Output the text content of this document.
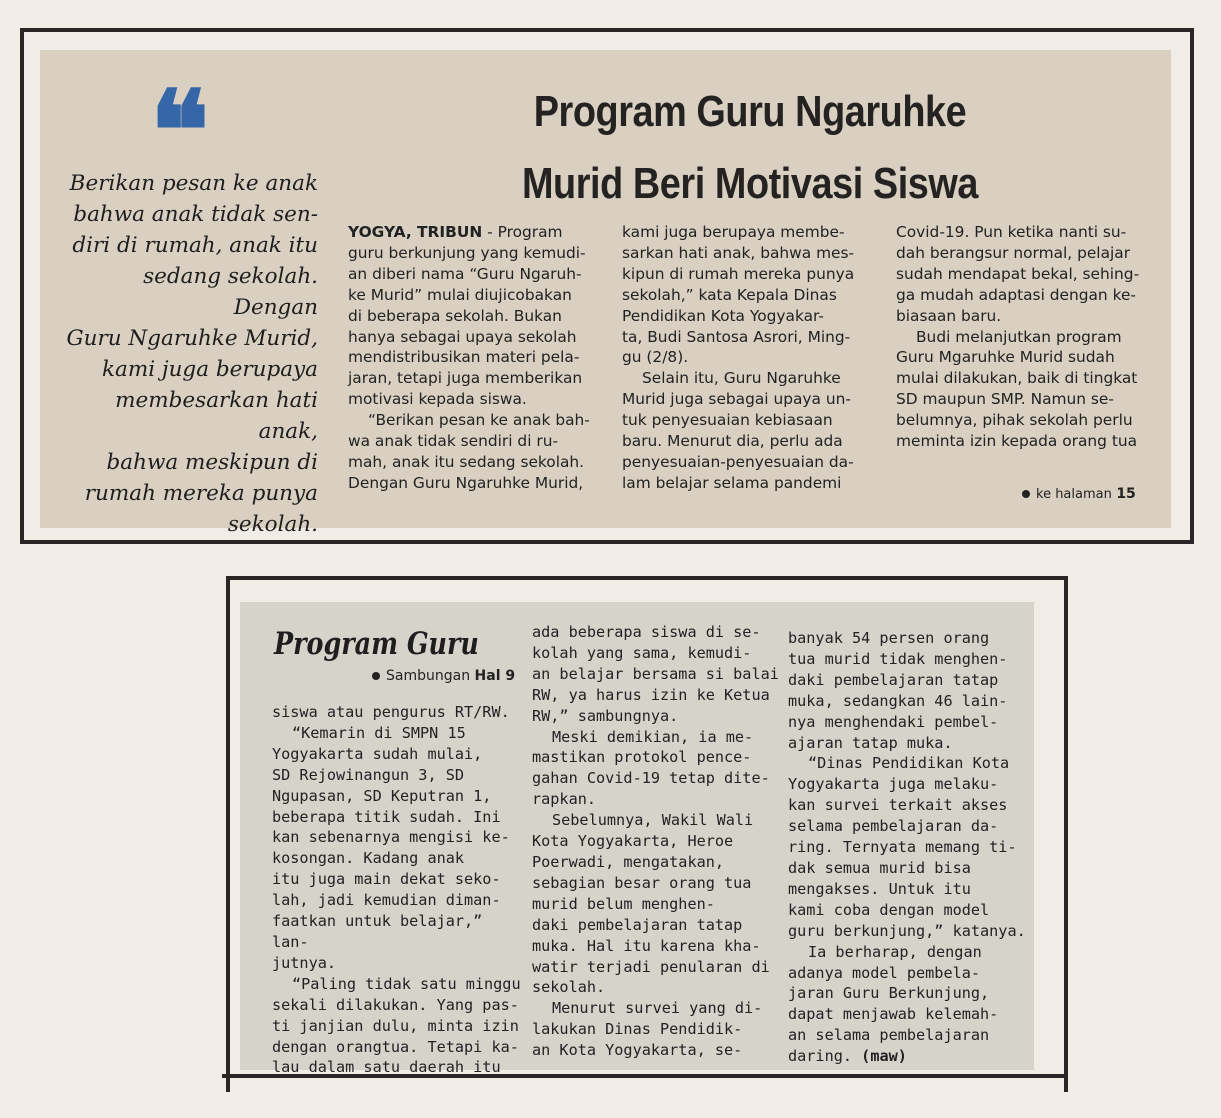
❝
Berikan pesan ke anak
bahwa anak tidak sen-
diri di rumah, anak itu
sedang sekolah. Dengan
Guru Ngaruhke Murid,
kami juga berupaya
membesarkan hati anak,
bahwa meskipun di
rumah mereka punya
sekolah.
Program Guru Ngaruhke
Murid Beri Motivasi Siswa

YOGYA, TRIBUN - Program

guru berkunjung yang kemudi-

an diberi nama “Guru Ngaruh-

ke Murid” mulai diujicobakan

di beberapa sekolah. Bukan

hanya sebagai upaya sekolah

mendistribusikan materi pela-

jaran, tetapi juga memberikan

motivasi kepada siswa.

“Berikan pesan ke anak bah-

wa anak tidak sendiri di ru-

mah, anak itu sedang sekolah.

Dengan Guru Ngaruhke Murid,

kami juga berupaya membe-

sarkan hati anak, bahwa mes-

kipun di rumah mereka punya

sekolah,” kata Kepala Dinas

Pendidikan Kota Yogyakar-

ta, Budi Santosa Asrori, Ming-

gu (2/8).

Selain itu, Guru Ngaruhke

Murid juga sebagai upaya un-

tuk penyesuaian kebiasaan

baru. Menurut dia, perlu ada

penyesuaian-penyesuaian da-

lam belajar selama pandemi

Covid-19. Pun ketika nanti su-

dah berangsur normal, pelajar

sudah mendapat bekal, sehing-

ga mudah adaptasi dengan ke-

biasaan baru.

Budi melanjutkan program

Guru Mgaruhke Murid sudah

mulai dilakukan, baik di tingkat

SD maupun SMP. Namun se-

belumnya, pihak sekolah perlu

meminta izin kepada orang tua

ke halaman 15
Program Guru
Sambungan Hal 9

siswa atau pengurus RT/RW.

“Kemarin di SMPN 15

Yogyakarta sudah mulai,

SD Rejowinangun 3, SD

Ngupasan, SD Keputran 1,

beberapa titik sudah. Ini

kan sebenarnya mengisi ke-

kosongan. Kadang anak

itu juga main dekat seko-

lah, jadi kemudian diman-

faatkan untuk belajar,” lan-

jutnya.

“Paling tidak satu minggu

sekali dilakukan. Yang pas-

ti janjian dulu, minta izin

dengan orangtua. Tetapi ka-

lau dalam satu daerah itu

ada beberapa siswa di se-

kolah yang sama, kemudi-

an belajar bersama si balai

RW, ya harus izin ke Ketua

RW,” sambungnya.

Meski demikian, ia me-

mastikan protokol pence-

gahan Covid-19 tetap dite-

rapkan.

Sebelumnya, Wakil Wali

Kota Yogyakarta, Heroe

Poerwadi, mengatakan,

sebagian besar orang tua

murid belum menghen-

daki pembelajaran tatap

muka. Hal itu karena kha-

watir terjadi penularan di

sekolah.

Menurut survei yang di-

lakukan Dinas Pendidik-

an Kota Yogyakarta, se-

banyak 54 persen orang

tua murid tidak menghen-

daki pembelajaran tatap

muka, sedangkan 46 lain-

nya menghendaki pembel-

ajaran tatap muka.

“Dinas Pendidikan Kota

Yogyakarta juga melaku-

kan survei terkait akses

selama pembelajaran da-

ring. Ternyata memang ti-

dak semua murid bisa

mengakses. Untuk itu

kami coba dengan model

guru berkunjung,” katanya.

Ia berharap, dengan

adanya model pembela-

jaran Guru Berkunjung,

dapat menjawab kelemah-

an selama pembelajaran

daring. (maw)
